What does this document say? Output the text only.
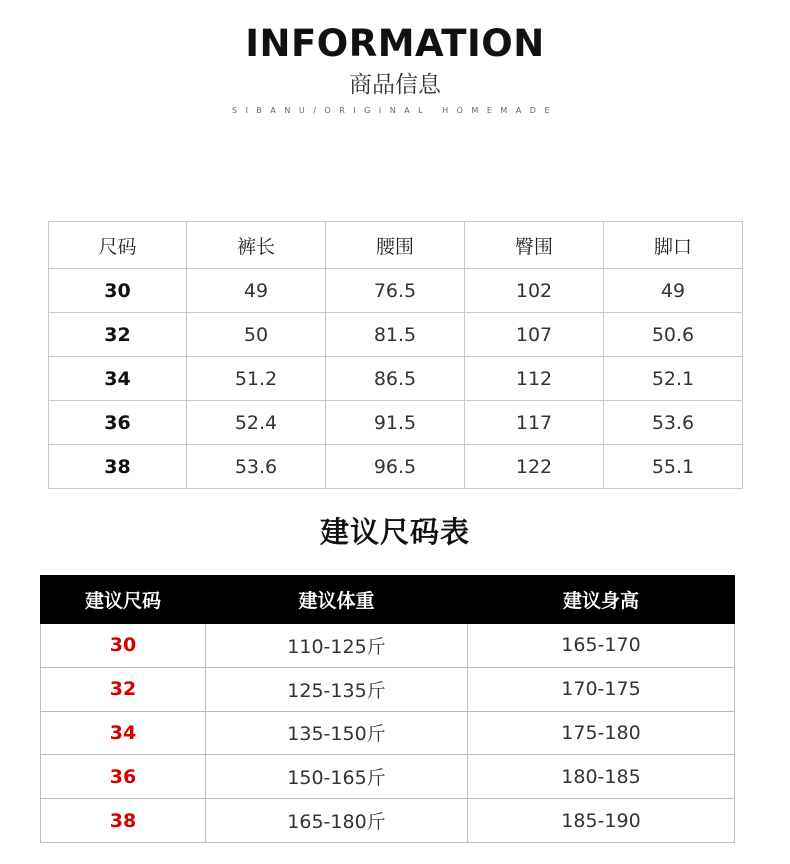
INFORMATION
商品信息
SIBANU/ORIGINAL HOMEMADE
尺码	裤长	腰围	臀围	脚口
30	49	76.5	102	49
32	50	81.5	107	50.6
34	51.2	86.5	112	52.1
36	52.4	91.5	117	53.6
38	53.6	96.5	122	55.1
建议尺码表
建议尺码	建议体重	建议身高
30	110-125斤	165-170
32	125-135斤	170-175
34	135-150斤	175-180
36	150-165斤	180-185
38	165-180斤	185-190
